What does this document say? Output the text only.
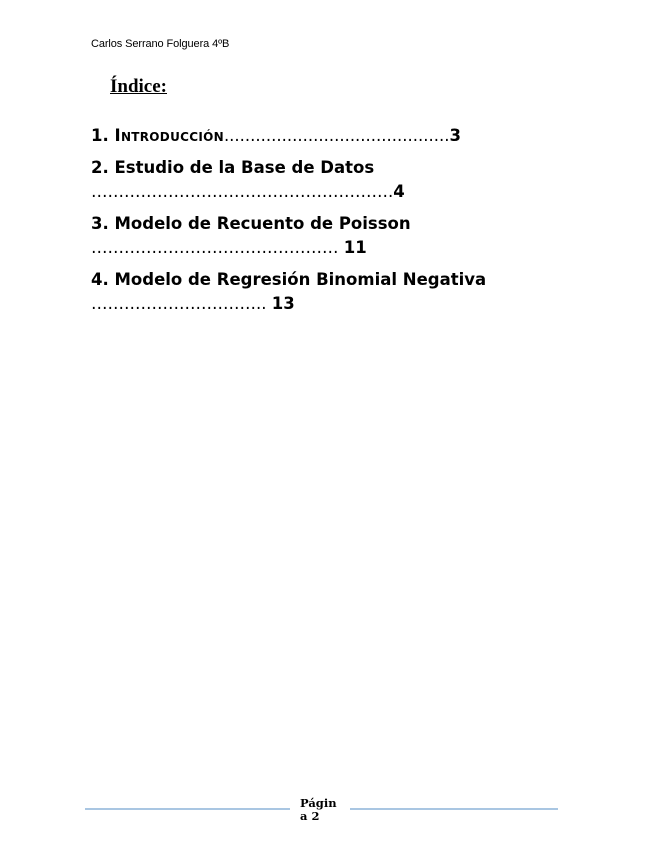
Carlos Serrano Folguera 4ºB
Índice:
1. Introducción...........................................3
2. Estudio de la Base de Datos
……………………………………………….4
3. Modelo de Recuento de Poisson
……………………………………… 11
4. Modelo de Regresión Binomial Negativa
………………………….. 13
Págin
a 2
